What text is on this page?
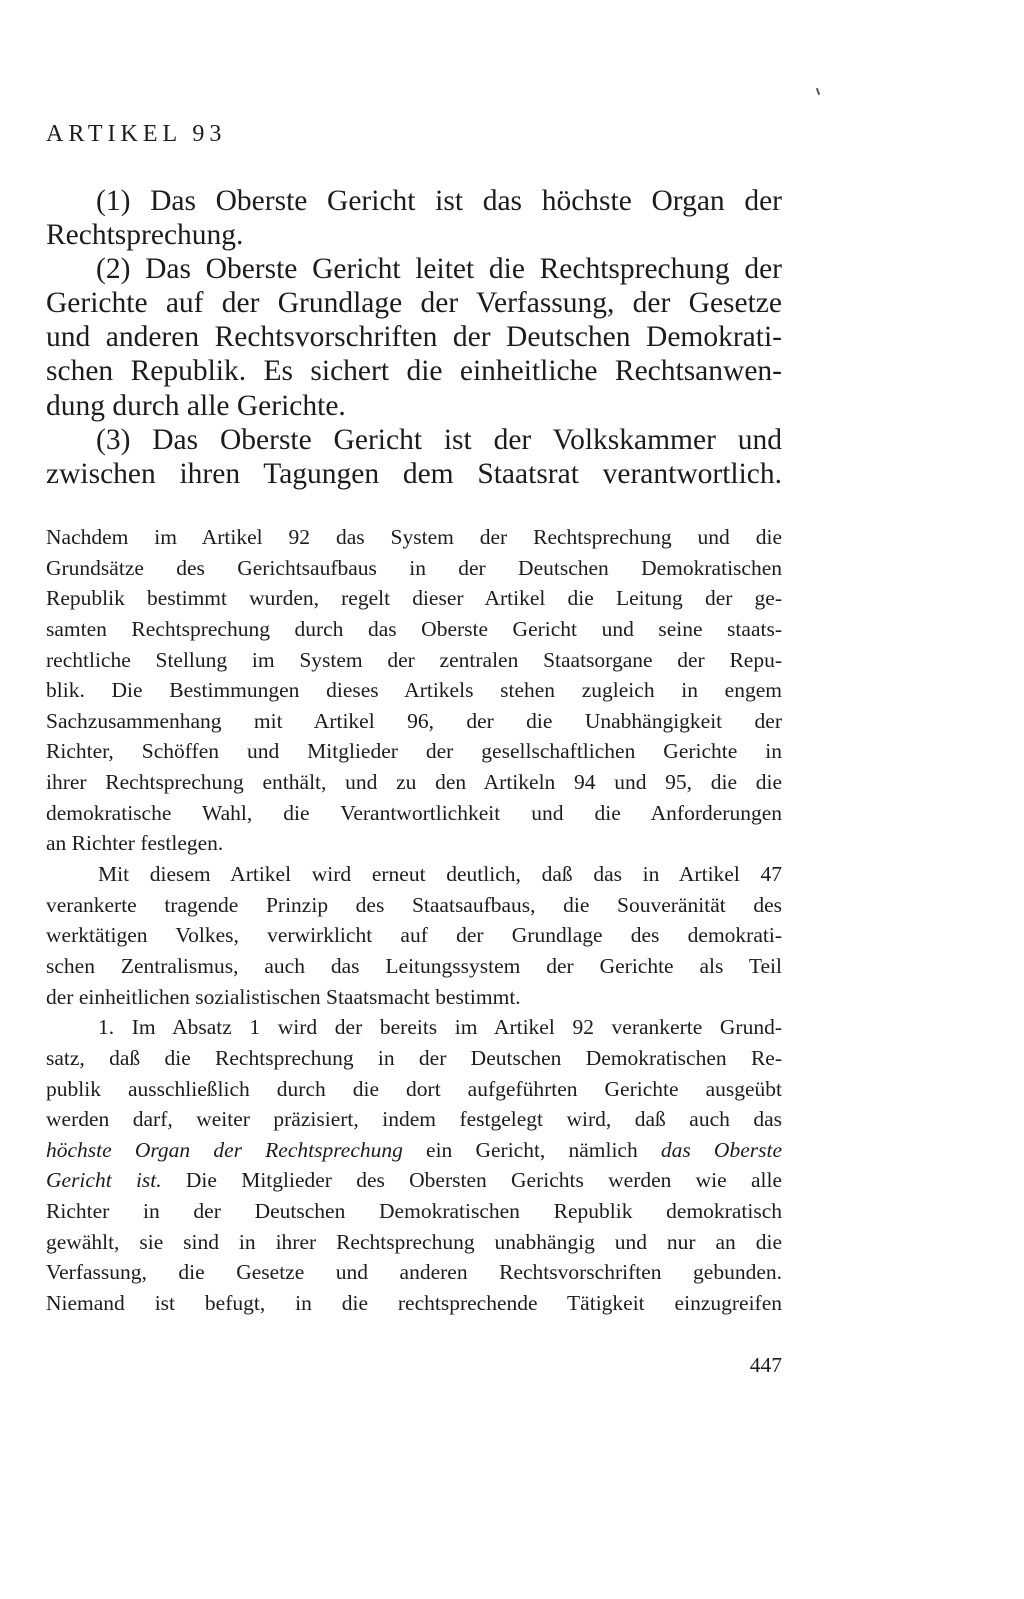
ARTIKEL 93
(1) Das Oberste Gericht ist das höchste Organ der
Rechtsprechung.
(2) Das Oberste Gericht leitet die Rechtsprechung der
Gerichte auf der Grundlage der Verfassung, der Gesetze
und anderen Rechtsvorschriften der Deutschen Demokrati-
schen Republik. Es sichert die einheitliche Rechtsanwen-
dung durch alle Gerichte.
(3) Das Oberste Gericht ist der Volkskammer und
zwischen ihren Tagungen dem Staatsrat verantwortlich.
Nachdem im Artikel 92 das System der Rechtsprechung und die
Grundsätze des Gerichtsaufbaus in der Deutschen Demokratischen
Republik bestimmt wurden, regelt dieser Artikel die Leitung der ge-
samten Rechtsprechung durch das Oberste Gericht und seine staats-
rechtliche Stellung im System der zentralen Staatsorgane der Repu-
blik. Die Bestimmungen dieses Artikels stehen zugleich in engem
Sachzusammenhang mit Artikel 96, der die Unabhängigkeit der
Richter, Schöffen und Mitglieder der gesellschaftlichen Gerichte in
ihrer Rechtsprechung enthält, und zu den Artikeln 94 und 95, die die
demokratische Wahl, die Verantwortlichkeit und die Anforderungen
an Richter festlegen.
Mit diesem Artikel wird erneut deutlich, daß das in Artikel 47
verankerte tragende Prinzip des Staatsaufbaus, die Souveränität des
werktätigen Volkes, verwirklicht auf der Grundlage des demokrati-
schen Zentralismus, auch das Leitungssystem der Gerichte als Teil
der einheitlichen sozialistischen Staatsmacht bestimmt.
1. Im Absatz 1 wird der bereits im Artikel 92 verankerte Grund-
satz, daß die Rechtsprechung in der Deutschen Demokratischen Re-
publik ausschließlich durch die dort aufgeführten Gerichte ausgeübt
werden darf, weiter präzisiert, indem festgelegt wird, daß auch das
höchste Organ der Rechtsprechung ein Gericht, nämlich das Oberste
Gericht ist. Die Mitglieder des Obersten Gerichts werden wie alle
Richter in der Deutschen Demokratischen Republik demokratisch
gewählt, sie sind in ihrer Rechtsprechung unabhängig und nur an die
Verfassung, die Gesetze und anderen Rechtsvorschriften gebunden.
Niemand ist befugt, in die rechtsprechende Tätigkeit einzugreifen
447
